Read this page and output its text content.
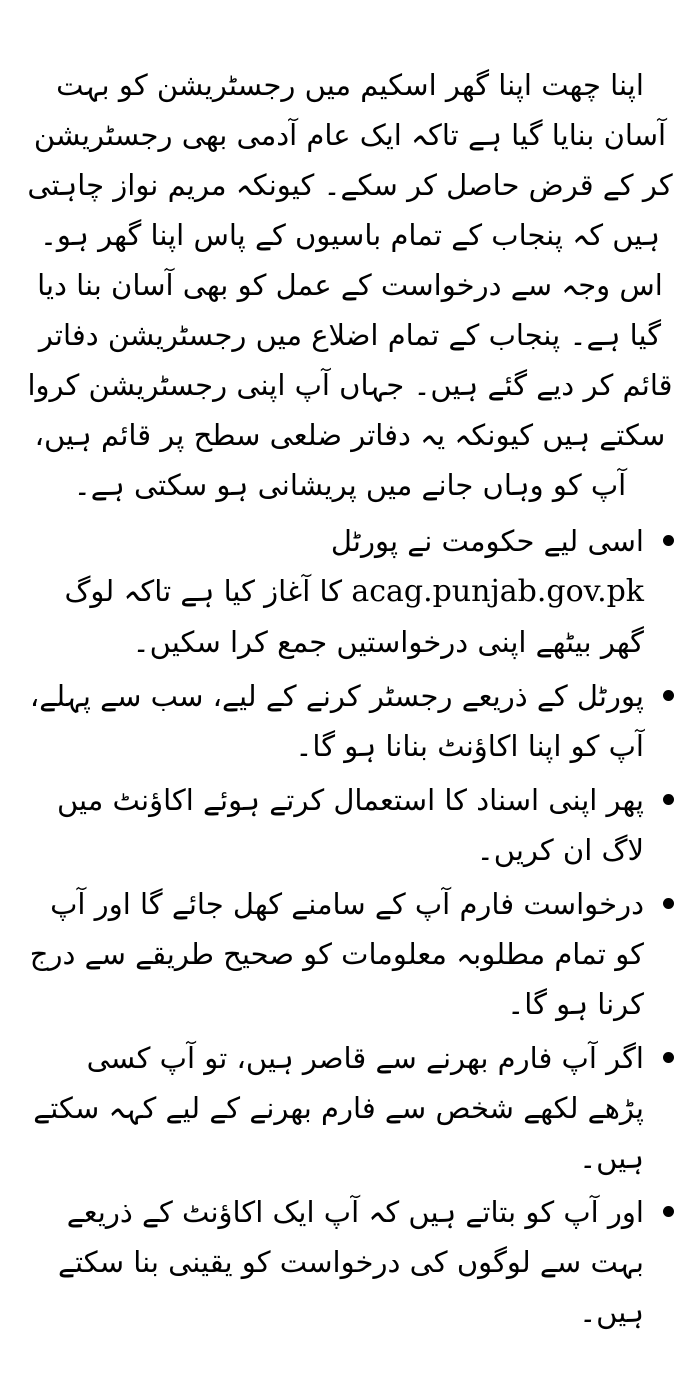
اپنا چھت اپنا گھر اسکیم میں رجسٹریشن کو بہت آسان بنایا گیا ہے تاکہ ایک عام آدمی بھی رجسٹریشن کر کے قرض حاصل کر سکے۔ کیونکہ مریم نواز چاہتی ہیں کہ پنجاب کے تمام باسیوں کے پاس اپنا گھر ہو۔

اس وجہ سے درخواست کے عمل کو بھی آسان بنا دیا گیا ہے۔ پنجاب کے تمام اضلاع میں رجسٹریشن دفاتر قائم کر دیے گئے ہیں۔ جہاں آپ اپنی رجسٹریشن کروا سکتے ہیں کیونکہ یہ دفاتر ضلعی سطح پر قائم ہیں، آپ کو وہاں جانے میں پریشانی ہو سکتی ہے۔

اسی لیے حکومت نے پورٹل
acag.punjab.gov.pk کا آغاز کیا ہے تاکہ لوگ گھر بیٹھے اپنی درخواستیں جمع کرا سکیں۔
پورٹل کے ذریعے رجسٹر کرنے کے لیے، سب سے پہلے، آپ کو اپنا اکاؤنٹ بنانا ہو گا۔
پھر اپنی اسناد کا استعمال کرتے ہوئے اکاؤنٹ میں لاگ ان کریں۔
درخواست فارم آپ کے سامنے کھل جائے گا اور آپ کو تمام مطلوبہ معلومات کو صحیح طریقے سے درج کرنا ہو گا۔
اگر آپ فارم بھرنے سے قاصر ہیں، تو آپ کسی پڑھے لکھے شخص سے فارم بھرنے کے لیے کہہ سکتے ہیں۔
اور آپ کو بتاتے ہیں کہ آپ ایک اکاؤنٹ کے ذریعے بہت سے لوگوں کی درخواست کو یقینی بنا سکتے ہیں۔
